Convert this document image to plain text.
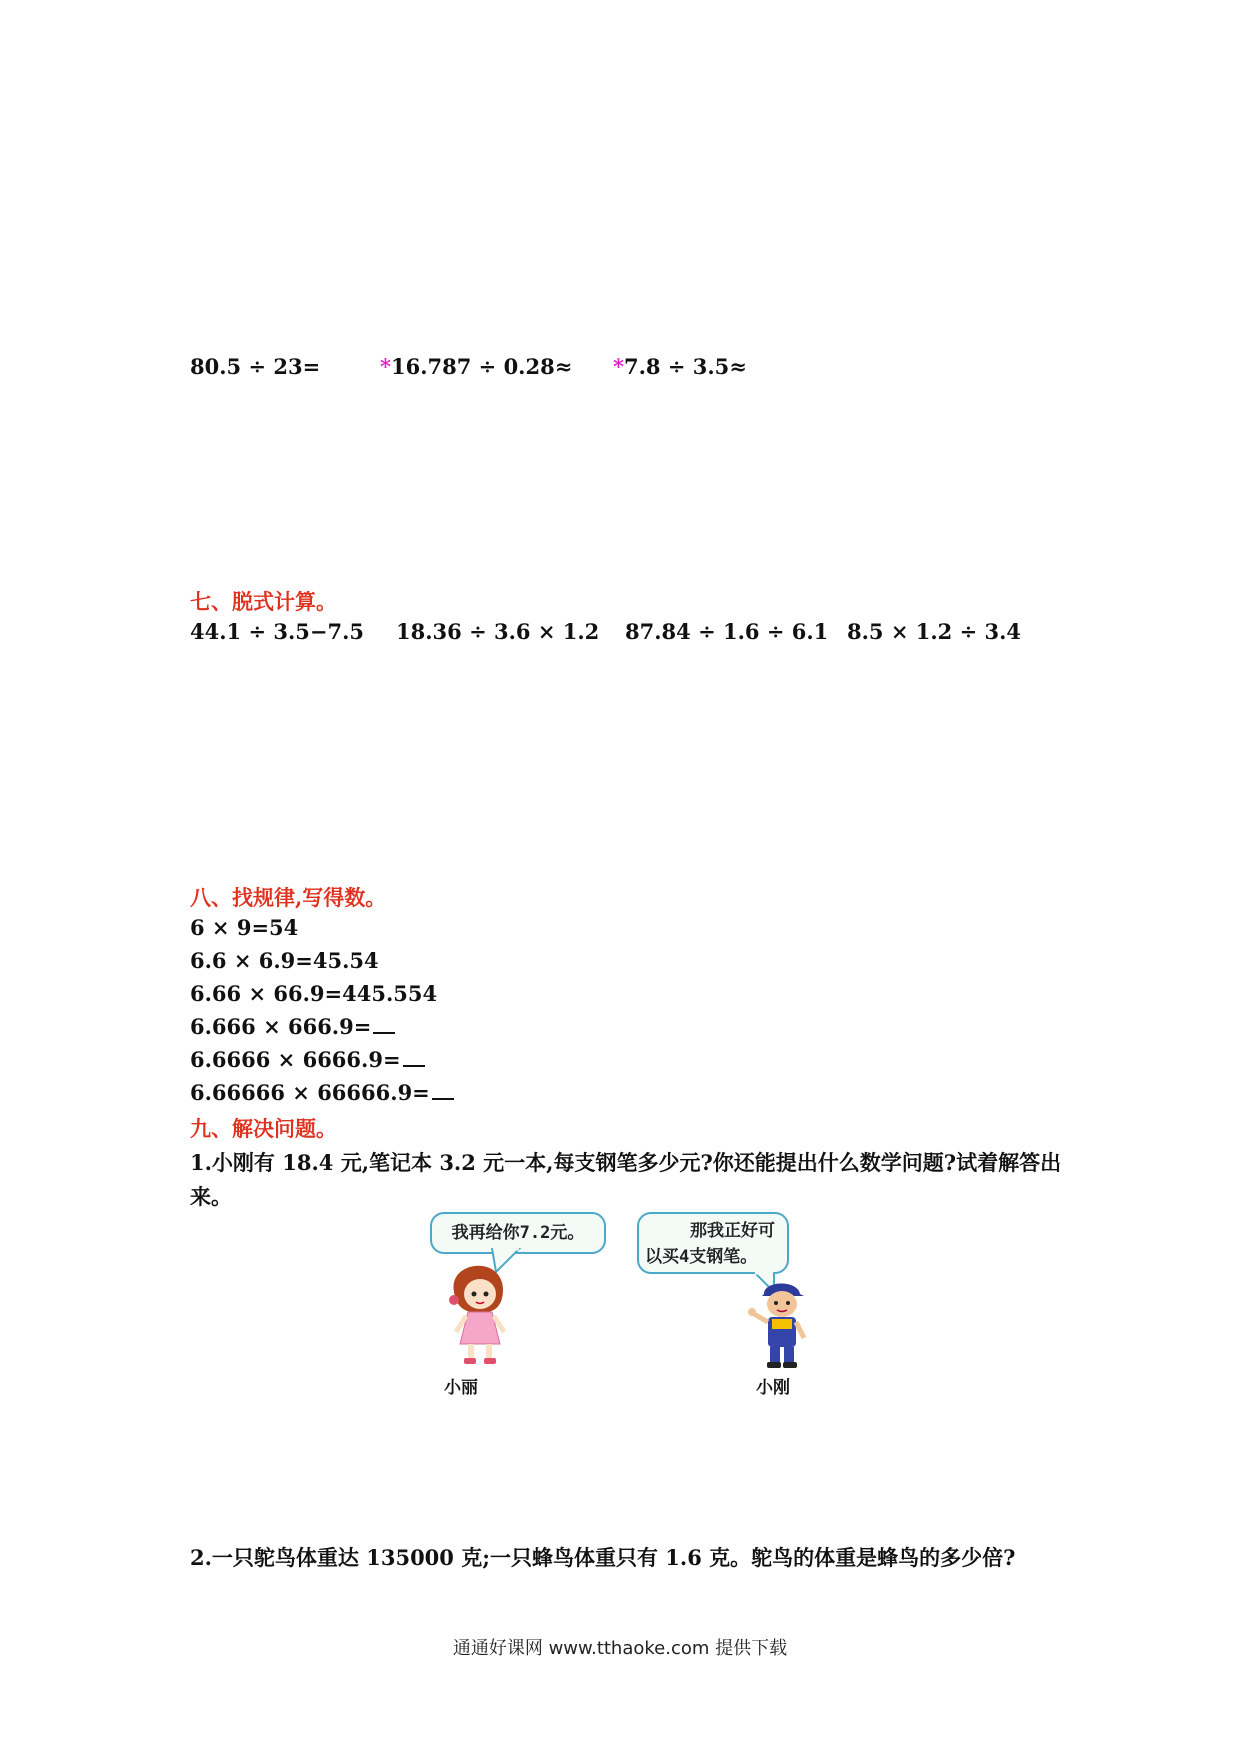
80.5 ÷ 23=	*16.787 ÷ 0.28≈ *7.8 ÷ 3.5≈
七、脱式计算。
44.1 ÷ 3.5−7.5 18.36 ÷ 3.6 × 1.2 87.84 ÷ 1.6 ÷ 6.1 8.5 × 1.2 ÷ 3.4
八、找规律,写得数。
6 × 9=54
6.6 × 6.9=45.54
6.66 × 66.9=445.554
6.666 × 666.9=
6.6666 × 6666.9=
6.66666 × 66666.9=
九、解决问题。
1.小刚有 18.4 元,笔记本 3.2 元一本,每支钢笔多少元?你还能提出什么数学问题?试着解答出
来。
我再给你7.2元。	那我正好可
以买4支钢笔。
小丽	小刚
2.一只鸵鸟体重达 135000 克;一只蜂鸟体重只有 1.6 克。鸵鸟的体重是蜂鸟的多少倍?
通通好课网 www.tthaoke.com 提供下载
